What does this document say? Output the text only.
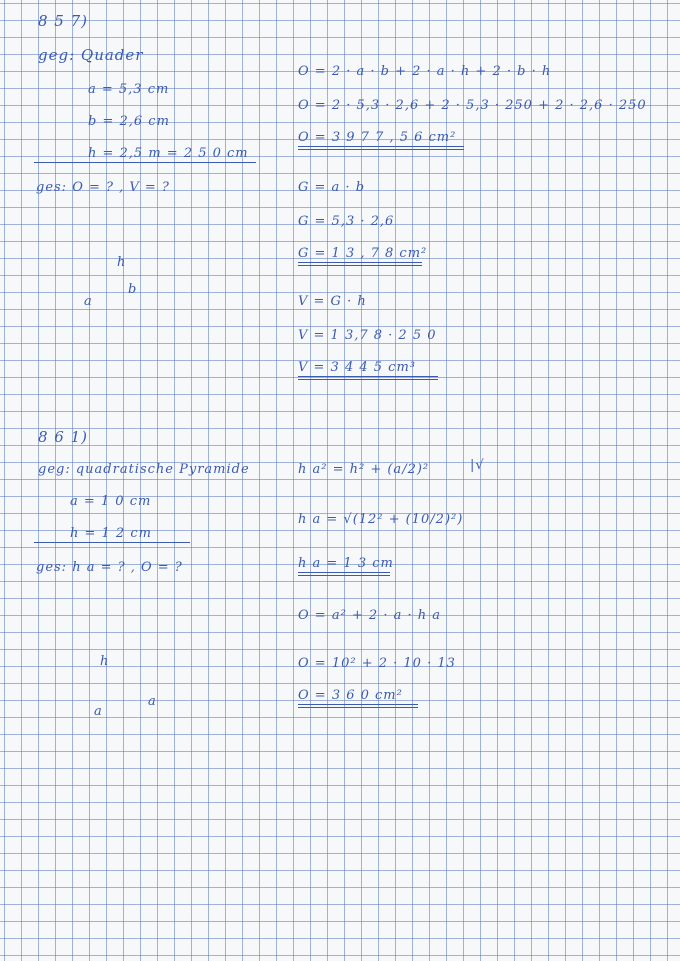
8 5 7)
geg: Quader
a = 5,3 cm
b = 2,6 cm
h = 2,5 m = 2 5 0 cm
ges: O = ? , V = ?
h
a
b
O = 2 · a · b + 2 · a · h + 2 · b · h
O = 2 · 5,3 · 2,6 + 2 · 5,3 · 250 + 2 · 2,6 · 250
O = 3 9 7 7 , 5 6 cm²
G = a · b
G = 5,3 · 2,6
G = 1 3 , 7 8 cm²
V = G · h
V = 1 3,7 8 · 2 5 0
V = 3 4 4 5 cm³
8 6 1)
geg: quadratische Pyramide
a = 1 0 cm
h = 1 2 cm
ges: h a = ? , O = ?
h
a
a
h a² = h² + (a/2)²	|√
h a = √(12² + (10/2)²)
h a = 1 3 cm
O = a² + 2 · a · h a
O = 10² + 2 · 10 · 13
O = 3 6 0 cm²
